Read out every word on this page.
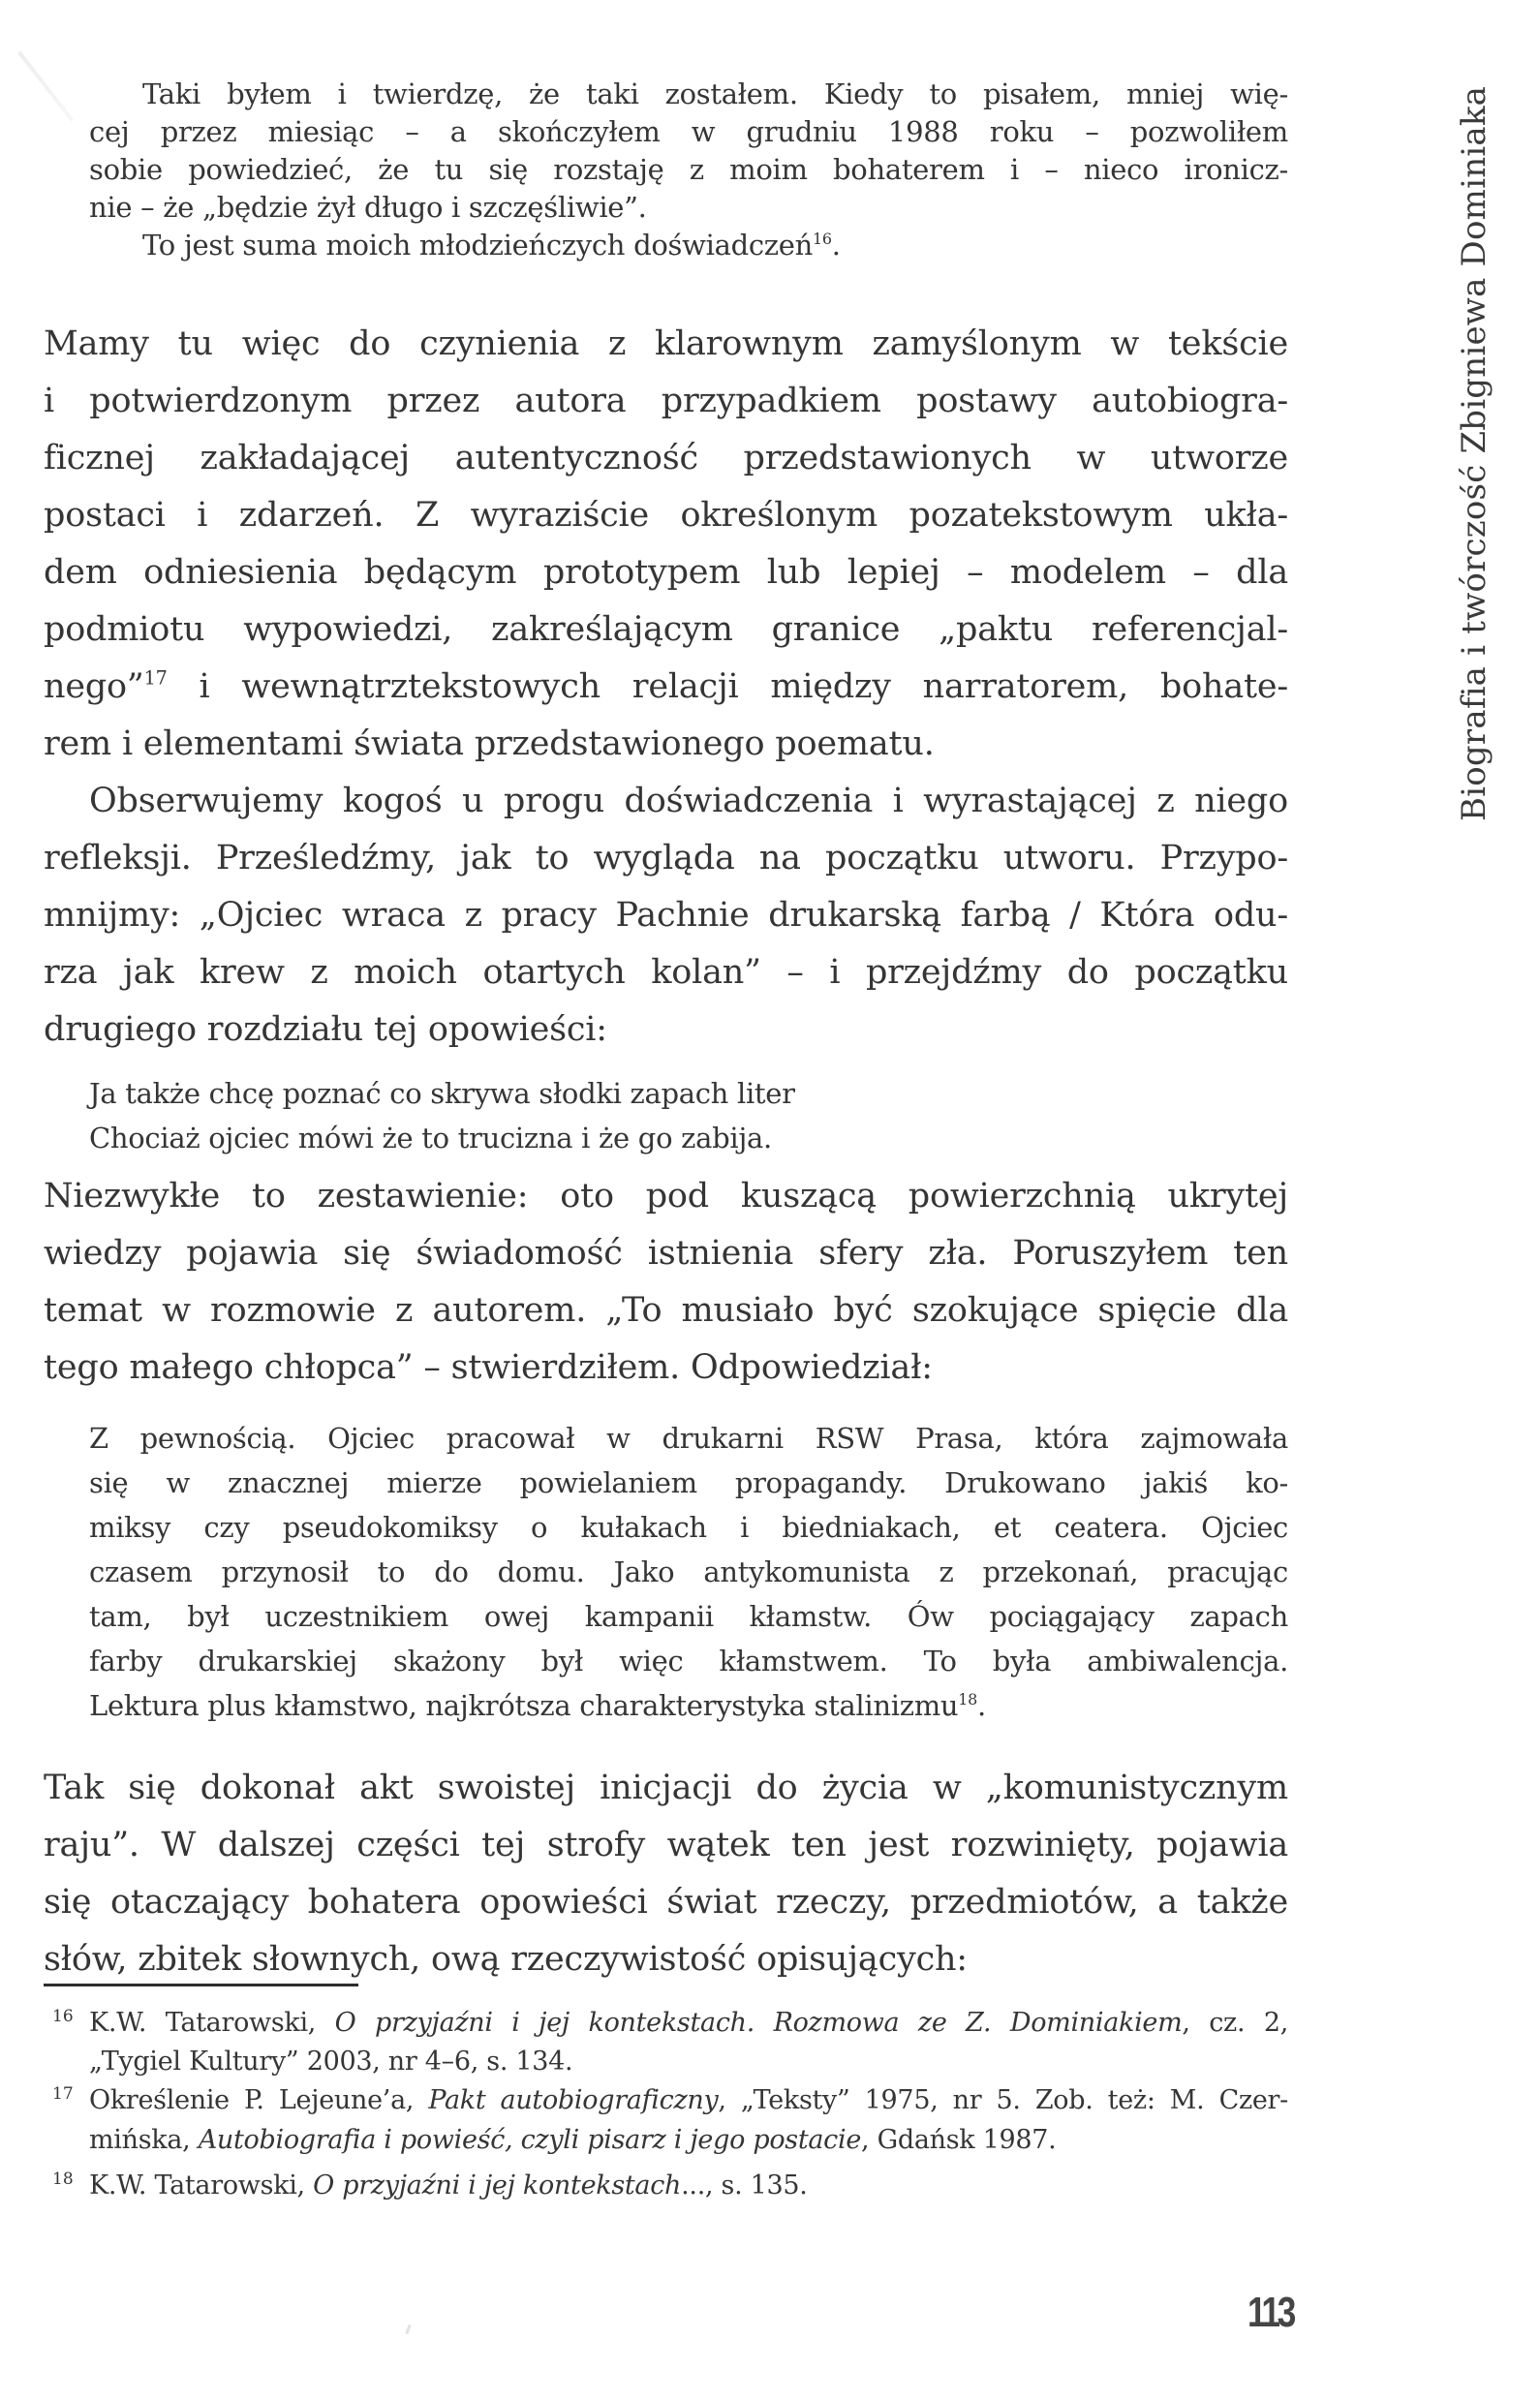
Taki byłem i twierdzę, że taki zostałem. Kiedy to pisałem, mniej wię-
cej przez miesiąc – a skończyłem w grudniu 1988 roku – pozwoliłem
sobie powiedzieć, że tu się rozstaję z moim bohaterem i – nieco ironicz-
nie – że „będzie żył długo i szczęśliwie”.
To jest suma moich młodzieńczych doświadczeń$^{16}$.
Mamy tu więc do czynienia z klarownym zamyślonym w tekście
i potwierdzonym przez autora przypadkiem postawy autobiogra-
ficznej zakładającej autentyczność przedstawionych w utworze
postaci i zdarzeń. Z wyraziście określonym pozatekstowym ukła-
dem odniesienia będącym prototypem lub lepiej – modelem – dla
podmiotu wypowiedzi, zakreślającym granice „paktu referencjal-
nego”$^{17}$ i wewnątrztekstowych relacji między narratorem, bohate-
rem i elementami świata przedstawionego poematu.
Obserwujemy kogoś u progu doświadczenia i wyrastającej z niego
refleksji. Prześledźmy, jak to wygląda na początku utworu. Przypo-
mnijmy: „Ojciec wraca z pracy Pachnie drukarską farbą / Która odu-
rza jak krew z moich otartych kolan” – i przejdźmy do początku
drugiego rozdziału tej opowieści:
Ja także chcę poznać co skrywa słodki zapach liter
Chociaż ojciec mówi że to trucizna i że go zabija.
Niezwykłe to zestawienie: oto pod kuszącą powierzchnią ukrytej
wiedzy pojawia się świadomość istnienia sfery zła. Poruszyłem ten
temat w rozmowie z autorem. „To musiało być szokujące spięcie dla
tego małego chłopca” – stwierdziłem. Odpowiedział:
Z pewnością. Ojciec pracował w drukarni RSW Prasa, która zajmowała
się w znacznej mierze powielaniem propagandy. Drukowano jakiś ko-
miksy czy pseudokomiksy o kułakach i biedniakach, et ceatera. Ojciec
czasem przynosił to do domu. Jako antykomunista z przekonań, pracując
tam, był uczestnikiem owej kampanii kłamstw. Ów pociągający zapach
farby drukarskiej skażony był więc kłamstwem. To była ambiwalencja.
Lektura plus kłamstwo, najkrótsza charakterystyka stalinizmu$^{18}$.
Tak się dokonał akt swoistej inicjacji do życia w „komunistycznym
raju”. W dalszej części tej strofy wątek ten jest rozwinięty, pojawia
się otaczający bohatera opowieści świat rzeczy, przedmiotów, a także
słów, zbitek słownych, ową rzeczywistość opisujących:
16 K.W. Tatarowski, O przyjaźni i jej kontekstach. Rozmowa ze Z. Dominiakiem, cz. 2,
„Tygiel Kultury” 2003, nr 4–6, s. 134.
17 Określenie P. Lejeune’a, Pakt autobiograficzny, „Teksty” 1975, nr 5. Zob. też: M. Czer-
mińska, Autobiografia i powieść, czyli pisarz i jego postacie, Gdańsk 1987.
18 K.W. Tatarowski, O przyjaźni i jej kontekstach..., s. 135.
Biografia i twórczość Zbigniewa Dominiaka
113
